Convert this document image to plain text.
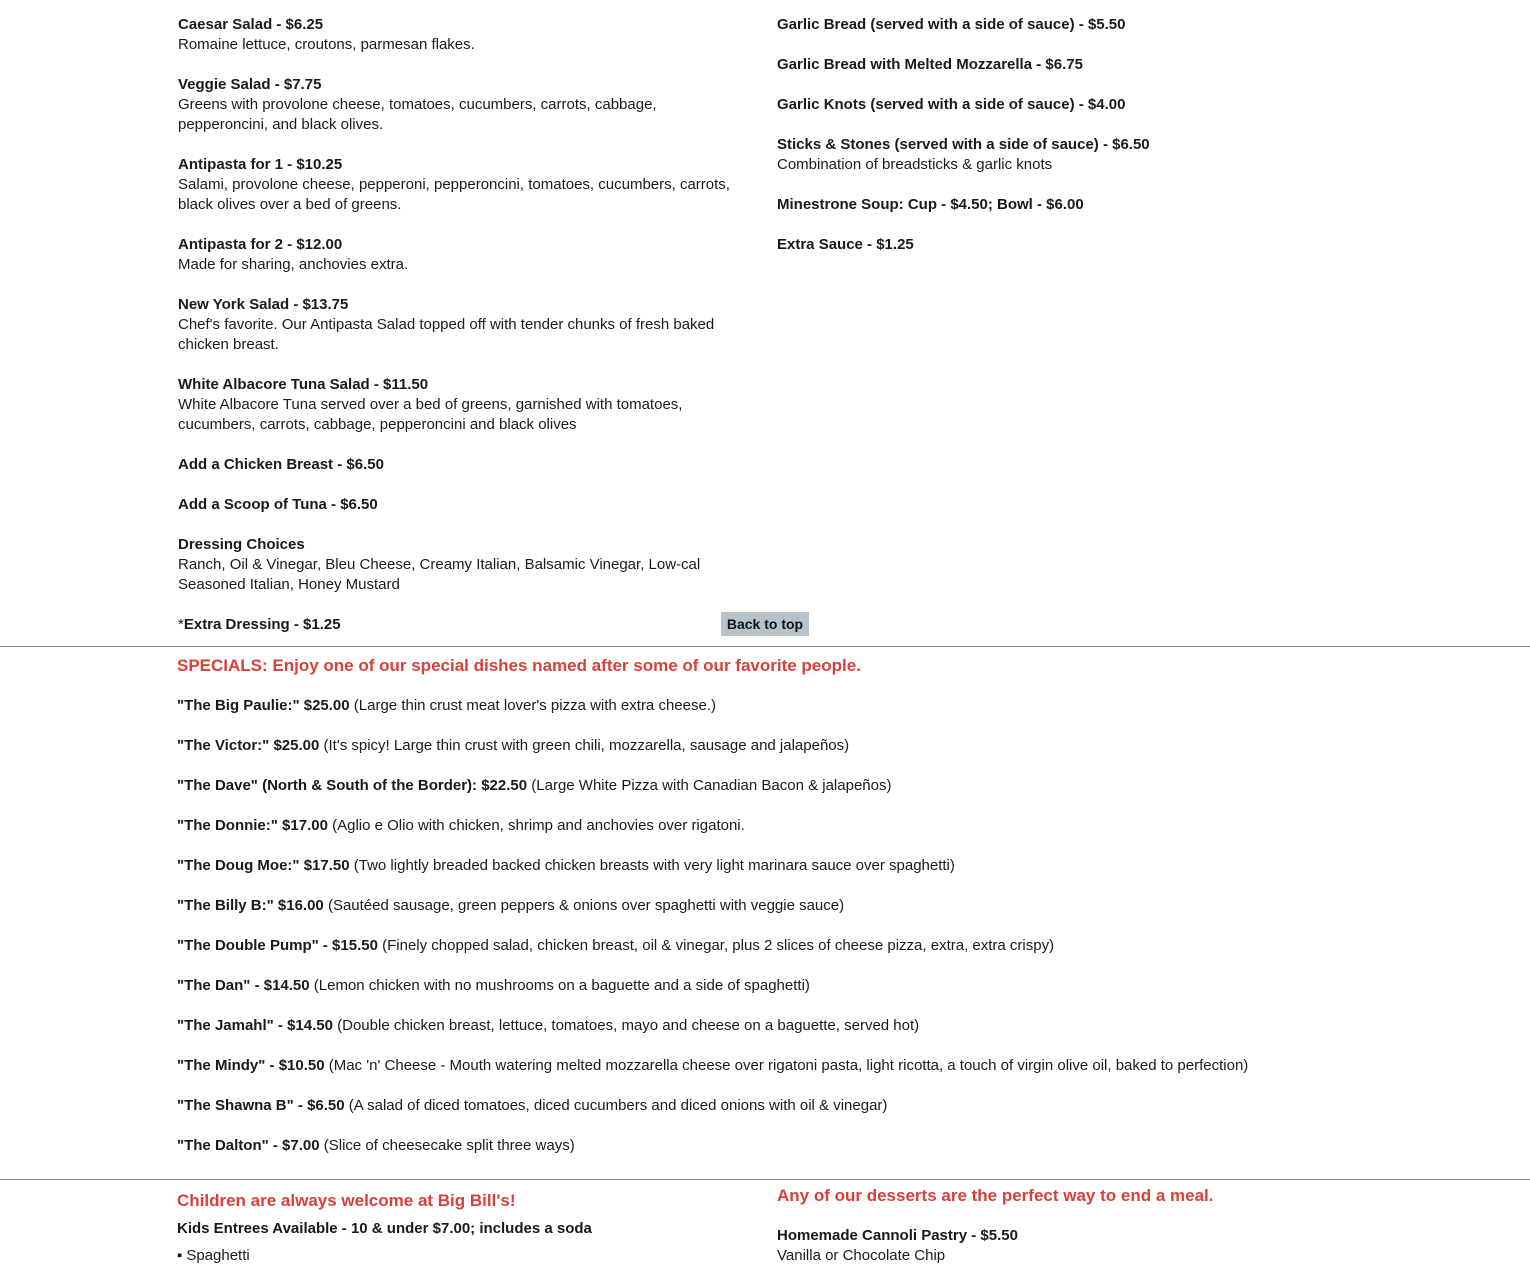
Caesar Salad - $6.25
Romaine lettuce, croutons, parmesan flakes.
Veggie Salad - $7.75
Greens with provolone cheese, tomatoes, cucumbers, carrots, cabbage, pepperoncini, and black olives.
Antipasta for 1 - $10.25
Salami, provolone cheese, pepperoni, pepperoncini, tomatoes, cucumbers, carrots, black olives over a bed of greens.
Antipasta for 2 - $12.00
Made for sharing, anchovies extra.
New York Salad - $13.75
Chef's favorite. Our Antipasta Salad topped off with tender chunks of fresh baked chicken breast.
White Albacore Tuna Salad - $11.50
White Albacore Tuna served over a bed of greens, garnished with tomatoes, cucumbers, carrots, cabbage, pepperoncini and black olives
Add a Chicken Breast - $6.50
Add a Scoop of Tuna - $6.50
Dressing Choices
Ranch, Oil & Vinegar, Bleu Cheese, Creamy Italian, Balsamic Vinegar, Low-cal Seasoned Italian, Honey Mustard
*Extra Dressing - $1.25
Garlic Bread (served with a side of sauce) - $5.50
Garlic Bread with Melted Mozzarella - $6.75
Garlic Knots (served with a side of sauce) - $4.00
Sticks & Stones (served with a side of sauce) - $6.50
Combination of breadsticks & garlic knots
Minestrone Soup: Cup - $4.50; Bowl - $6.00
Extra Sauce - $1.25
Back to top
SPECIALS: Enjoy one of our special dishes named after some of our favorite people.
"The Big Paulie:" $25.00 (Large thin crust meat lover's pizza with extra cheese.)
"The Victor:" $25.00 (It's spicy! Large thin crust with green chili, mozzarella, sausage and jalapeños)
"The Dave" (North & South of the Border): $22.50 (Large White Pizza with Canadian Bacon & jalapeños)
"The Donnie:" $17.00 (Aglio e Olio with chicken, shrimp and anchovies over rigatoni.
"The Doug Moe:" $17.50 (Two lightly breaded backed chicken breasts with very light marinara sauce over spaghetti)
"The Billy B:" $16.00 (Sautéed sausage, green peppers & onions over spaghetti with veggie sauce)
"The Double Pump" - $15.50 (Finely chopped salad, chicken breast, oil & vinegar, plus 2 slices of cheese pizza, extra, extra crispy)
"The Dan" - $14.50 (Lemon chicken with no mushrooms on a baguette and a side of spaghetti)
"The Jamahl" - $14.50 (Double chicken breast, lettuce, tomatoes, mayo and cheese on a baguette, served hot)
"The Mindy" - $10.50 (Mac 'n' Cheese - Mouth watering melted mozzarella cheese over rigatoni pasta, light ricotta, a touch of virgin olive oil, baked to perfection)
"The Shawna B" - $6.50 (A salad of diced tomatoes, diced cucumbers and diced onions with oil & vinegar)
"The Dalton" - $7.00 (Slice of cheesecake split three ways)
Children are always welcome at Big Bill's!
Kids Entrees Available - 10 & under $7.00; includes a soda
▪ Spaghetti
Any of our desserts are the perfect way to end a meal.
Homemade Cannoli Pastry - $5.50
Vanilla or Chocolate Chip
